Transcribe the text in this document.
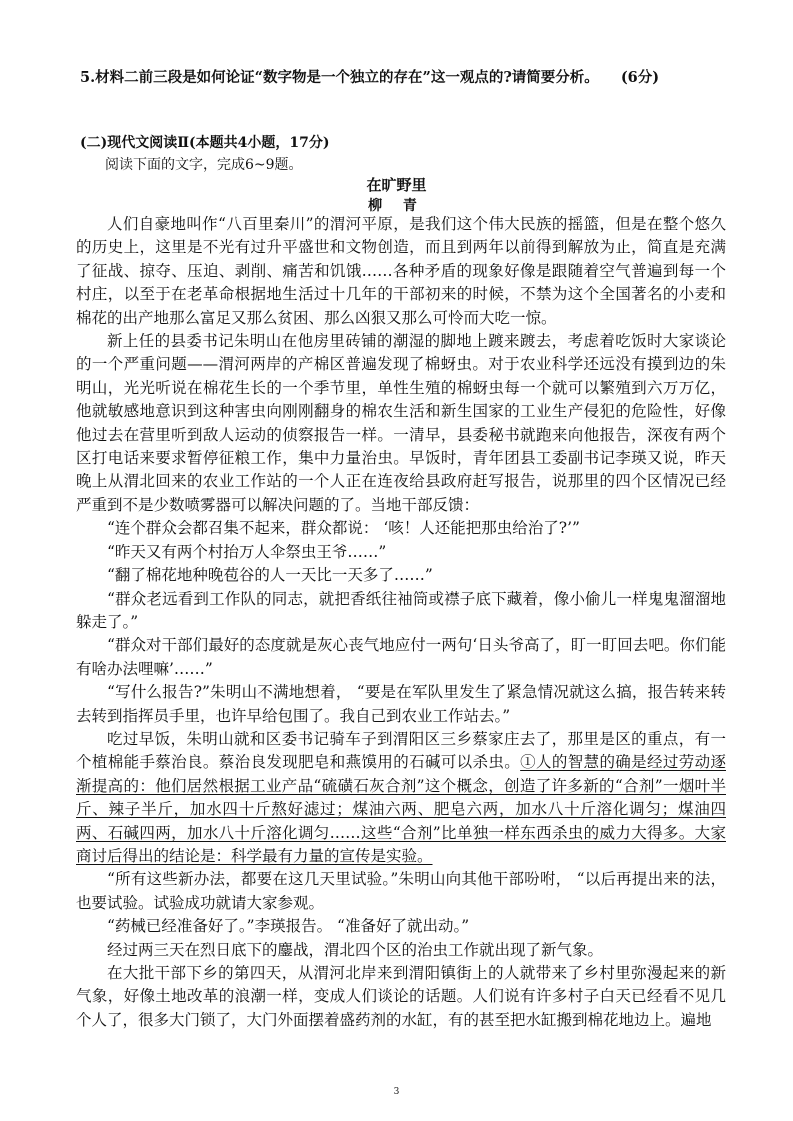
5.材料二前三段是如何论证“数字物是一个独立的存在”这一观点的?请简要分析。 (6分)
(二)现代文阅读Ⅱ(本题共4小题，17分)
阅读下面的文字，完成6~9题。
在旷野里
柳 青

人们自豪地叫作“八百里秦川”的渭河平原，是我们这个伟大民族的摇篮，但是在整个悠久的历史上，这里是不光有过升平盛世和文物创造，而且到两年以前得到解放为止，简直是充满了征战、掠夺、压迫、剥削、痛苦和饥饿……各种矛盾的现象好像是跟随着空气普遍到每一个村庄，以至于在老革命根据地生活过十几年的干部初来的时候，不禁为这个全国著名的小麦和棉花的出产地那么富足又那么贫困、那么凶狠又那么可怜而大吃一惊。

新上任的县委书记朱明山在他房里砖铺的潮湿的脚地上踱来踱去，考虑着吃饭时大家谈论的一个严重问题——渭河两岸的产棉区普遍发现了棉蚜虫。对于农业科学还远没有摸到边的朱明山，光光听说在棉花生长的一个季节里，单性生殖的棉蚜虫每一个就可以繁殖到六万万亿，他就敏感地意识到这种害虫向刚刚翻身的棉农生活和新生国家的工业生产侵犯的危险性，好像他过去在营里听到敌人运动的侦察报告一样。一清早，县委秘书就跑来向他报告，深夜有两个区打电话来要求暂停征粮工作，集中力量治虫。早饭时，青年团县工委副书记李瑛又说，昨天晚上从渭北回来的农业工作站的一个人正在连夜给县政府赶写报告，说那里的四个区情况已经严重到不是少数喷雾器可以解决问题的了。当地干部反馈：

“连个群众会都召集不起来，群众都说： ‘咳！人还能把那虫给治了?’”

“昨天又有两个村抬万人伞祭虫王爷……”

“翻了棉花地种晚苞谷的人一天比一天多了……”

“群众老远看到工作队的同志，就把香纸往袖筒或襟子底下藏着，像小偷儿一样鬼鬼溜溜地躲走了。”

“群众对干部们最好的态度就是灰心丧气地应付一两句‘日头爷高了，盯一盯回去吧。你们能有啥办法哩嘛’……”

“写什么报告?”朱明山不满地想着， “要是在军队里发生了紧急情况就这么搞，报告转来转去转到指挥员手里，也许早给包围了。我自己到农业工作站去。”

吃过早饭，朱明山就和区委书记骑车子到渭阳区三乡蔡家庄去了，那里是区的重点，有一个植棉能手蔡治良。蔡治良发现肥皂和燕馍用的石碱可以杀虫。①人的智慧的确是经过劳动逐渐提高的：他们居然根据工业产品“硫磺石灰合剂”这个概念，创造了许多新的“合剂”一烟叶半斤、辣子半斤，加水四十斤熬好滤过；煤油六两、肥皂六两，加水八十斤溶化调匀；煤油四两、石碱四两，加水八十斤溶化调匀……这些“合剂”比单独一样东西杀虫的威力大得多。大家商讨后得出的结论是：科学最有力量的宣传是实验。

“所有这些新办法，都要在这几天里试验。”朱明山向其他干部吩咐， “以后再提出来的法，也要试验。试验成功就请大家参观。

“药械已经准备好了。”李瑛报告。 “准备好了就出动。”

经过两三天在烈日底下的鏖战，渭北四个区的治虫工作就出现了新气象。

在大批干部下乡的第四天，从渭河北岸来到渭阳镇街上的人就带来了乡村里弥漫起来的新气象，好像土地改革的浪潮一样，变成人们谈论的话题。人们说有许多村子白天已经看不见几个人了，很多大门锁了，大门外面摆着盛药剂的水缸，有的甚至把水缸搬到棉花地边上。遍地

3
